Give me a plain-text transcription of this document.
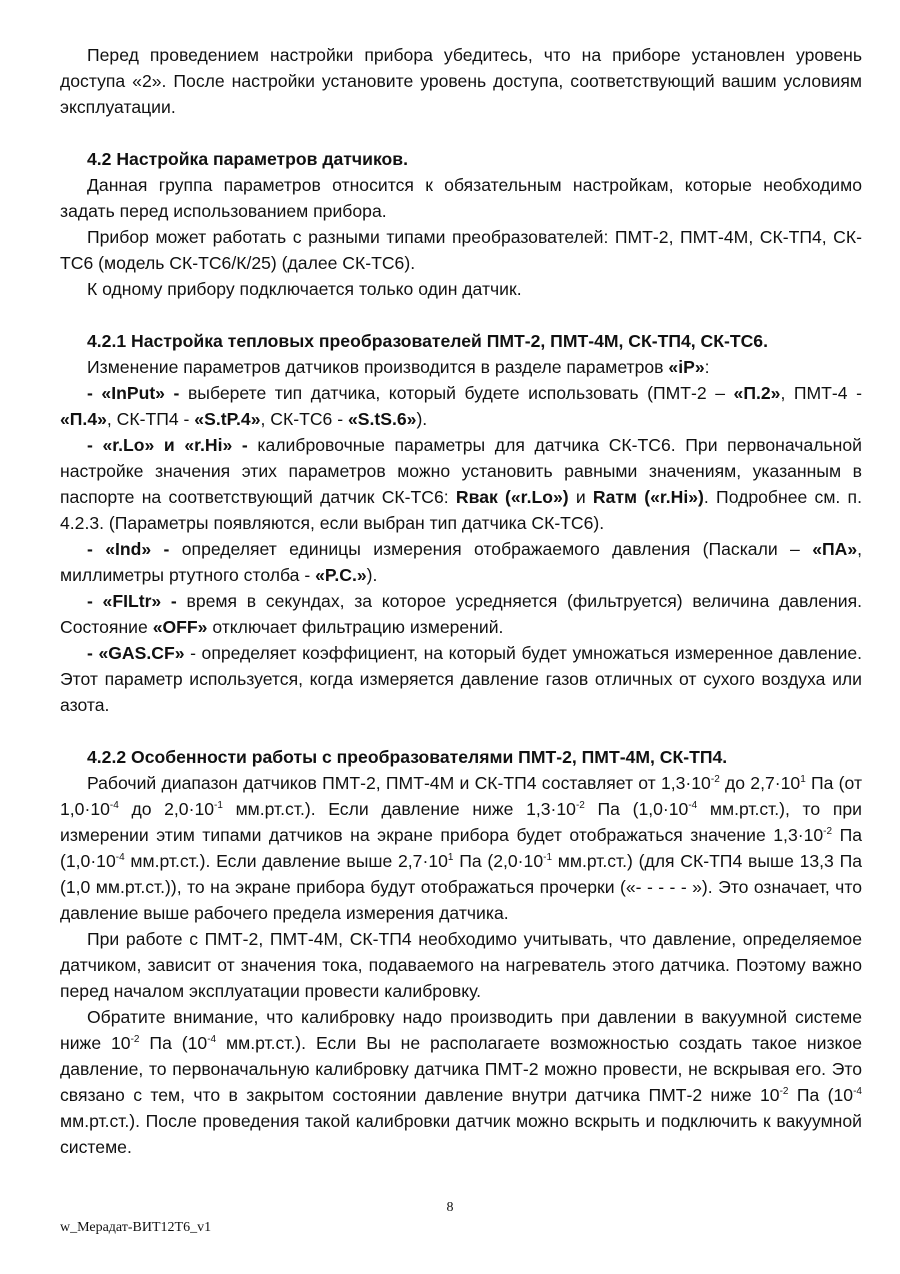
Перед проведением настройки прибора убедитесь, что на приборе установлен уровень доступа «2». После настройки установите уровень доступа, соответствующий вашим условиям эксплуатации.

4.2 Настройка параметров датчиков.

Данная группа параметров относится к обязательным настройкам, которые необходимо задать перед использованием прибора.

Прибор может работать с разными типами преобразователей: ПМТ-2, ПМТ-4М, СК-ТП4, СК-ТС6 (модель СК-ТС6/К/25) (далее СК-ТС6).

К одному прибору подключается только один датчик.

4.2.1 Настройка тепловых преобразователей ПМТ-2, ПМТ-4М, СК-ТП4, СК-ТС6.

Изменение параметров датчиков производится в разделе параметров «iP»:

- «InPut» - выберете тип датчика, который будете использовать (ПМТ-2 – «П.2», ПМТ-4 - «П.4», СК-ТП4 - «S.tP.4», СК-ТС6 - «S.tS.6»).

- «r.Lo» и «r.Hi» - калибровочные параметры для датчика СК-ТС6. При первоначальной настройке значения этих параметров можно установить равными значениям, указанным в паспорте на соответствующий датчик СК-ТС6: Rвак («r.Lo») и Rатм («r.Hi»). Подробнее см. п. 4.2.3. (Параметры появляются, если выбран тип датчика СК-ТС6).

- «Ind» - определяет единицы измерения отображаемого давления (Паскали – «ПА», миллиметры ртутного столба - «P.C.»).

- «FILtr» - время в секундах, за которое усредняется (фильтруется) величина давления. Состояние «OFF» отключает фильтрацию измерений.

- «GAS.CF» - определяет коэффициент, на который будет умножаться измеренное давление. Этот параметр используется, когда измеряется давление газов отличных от сухого воздуха или азота.

4.2.2 Особенности работы с преобразователями ПМТ-2, ПМТ-4М, СК-ТП4.

Рабочий диапазон датчиков ПМТ-2, ПМТ-4М и СК-ТП4 составляет от $1,3\cdot 10^{-2}$ до $2,7\cdot 10^1$ Па (от $1,0\cdot 10^{-4}$ до $2,0\cdot 10^{-1}$ мм.рт.ст.). Если давление ниже $1,3\cdot 10^{-2}$ Па ($1,0\cdot 10^{-4}$ мм.рт.ст.), то при измерении этим типами датчиков на экране прибора будет отображаться значение $1,3\cdot 10^{-2}$ Па ($1,0\cdot 10^{-4}$ мм.рт.ст.). Если давление выше $2,7\cdot 10^1$ Па ($2,0\cdot 10^{-1}$ мм.рт.ст.) (для СК-ТП4 выше 13,3 Па (1,0 мм.рт.ст.)), то на экране прибора будут отображаться прочерки («- - - - - »). Это означает, что давление выше рабочего предела измерения датчика.

При работе с ПМТ-2, ПМТ-4М, СК-ТП4 необходимо учитывать, что давление, определяемое датчиком, зависит от значения тока, подаваемого на нагреватель этого датчика. Поэтому важно перед началом эксплуатации провести калибровку.

Обратите внимание, что калибровку надо производить при давлении в вакуумной системе ниже $10^{-2}$ Па ($10^{-4}$ мм.рт.ст.). Если Вы не располагаете возможностью создать такое низкое давление, то первоначальную калибровку датчика ПМТ-2 можно провести, не вскрывая его. Это связано с тем, что в закрытом состоянии давление внутри датчика ПМТ-2 ниже $10^{-2}$ Па ($10^{-4}$ мм.рт.ст.). После проведения такой калибровки датчик можно вскрыть и подключить к вакуумной системе.

8
w_Мерадат-ВИТ12Т6_v1
